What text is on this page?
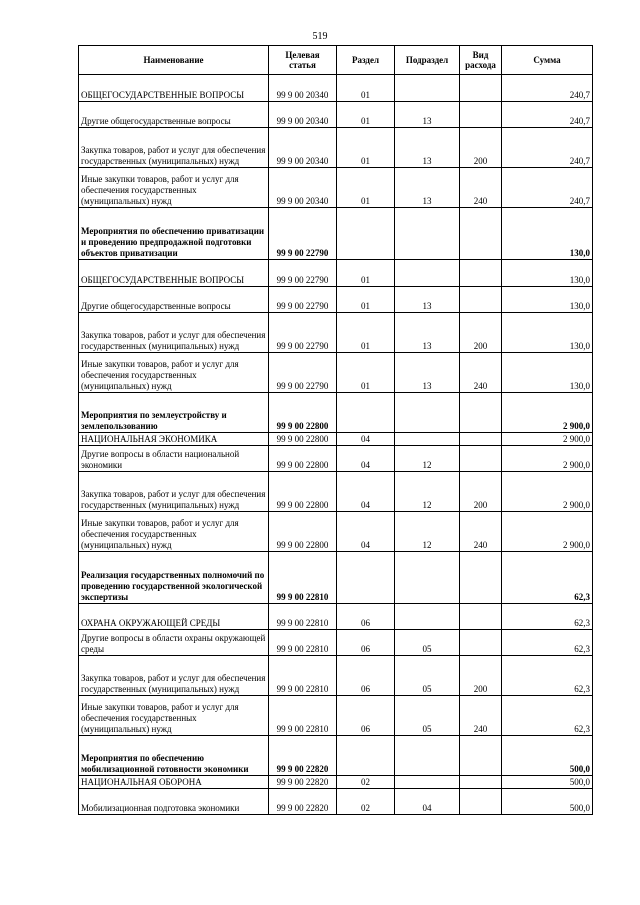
519
Наименование	Целевая статья	Раздел	Подраздел	Вид расхода	Сумма
ОБЩЕГОСУДАРСТВЕННЫЕ ВОПРОСЫ	99 9 00 20340	01			240,7
Другие общегосударственные вопросы	99 9 00 20340	01	13		240,7
Закупка товаров, работ и услуг для обеспечения государственных (муниципальных) нужд	99 9 00 20340	01	13	200	240,7
Иные закупки товаров, работ и услуг для обеспечения государственных (муниципальных) нужд	99 9 00 20340	01	13	240	240,7
Мероприятия по обеспечению приватизации и проведению предпродажной подготовки объектов приватизации	99 9 00 22790				130,0
ОБЩЕГОСУДАРСТВЕННЫЕ ВОПРОСЫ	99 9 00 22790	01			130,0
Другие общегосударственные вопросы	99 9 00 22790	01	13		130,0
Закупка товаров, работ и услуг для обеспечения государственных (муниципальных) нужд	99 9 00 22790	01	13	200	130,0
Иные закупки товаров, работ и услуг для обеспечения государственных (муниципальных) нужд	99 9 00 22790	01	13	240	130,0
Мероприятия по землеустройству и землепользованию	99 9 00 22800				2 900,0
НАЦИОНАЛЬНАЯ ЭКОНОМИКА	99 9 00 22800	04			2 900,0
Другие вопросы в области национальной экономики	99 9 00 22800	04	12		2 900,0
Закупка товаров, работ и услуг для обеспечения государственных (муниципальных) нужд	99 9 00 22800	04	12	200	2 900,0
Иные закупки товаров, работ и услуг для обеспечения государственных (муниципальных) нужд	99 9 00 22800	04	12	240	2 900,0
Реализация государственных полномочий по проведению государственной экологической экспертизы	99 9 00 22810				62,3
ОХРАНА ОКРУЖАЮЩЕЙ СРЕДЫ	99 9 00 22810	06			62,3
Другие вопросы в области охраны окружающей среды	99 9 00 22810	06	05		62,3
Закупка товаров, работ и услуг для обеспечения государственных (муниципальных) нужд	99 9 00 22810	06	05	200	62,3
Иные закупки товаров, работ и услуг для обеспечения государственных (муниципальных) нужд	99 9 00 22810	06	05	240	62,3
Мероприятия по обеспечению мобилизационной готовности экономики	99 9 00 22820				500,0
НАЦИОНАЛЬНАЯ ОБОРОНА	99 9 00 22820	02			500,0
Мобилизационная подготовка экономики	99 9 00 22820	02	04		500,0
